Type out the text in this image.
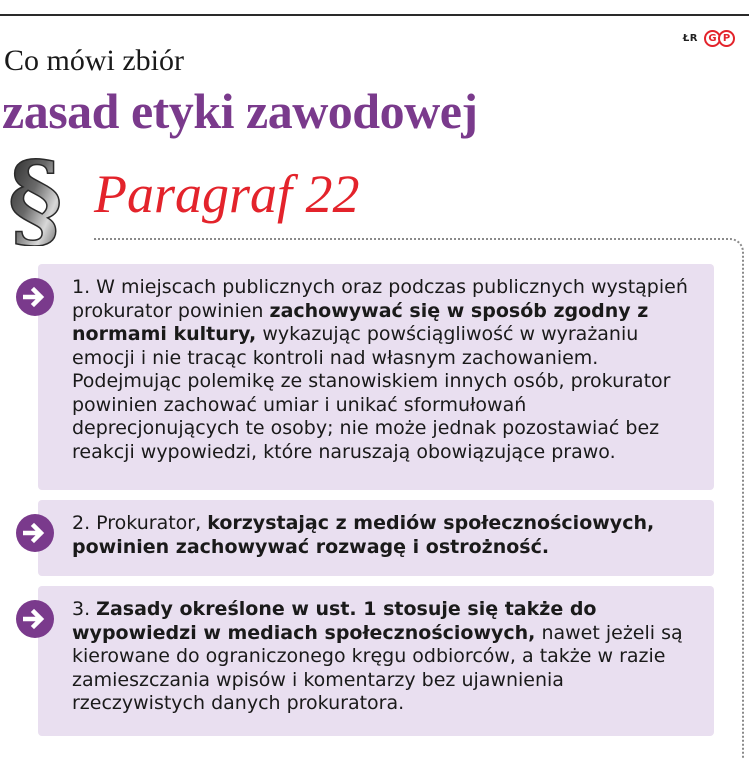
ŁR	G P
Co mówi zbiór
zasad etyki zawodowej
§ Paragraf 22

1. W miejscach publicznych oraz podczas publicznych wystąpień prokurator powinien zachowywać się w sposób zgodny z normami kultury, wykazując powściągliwość w wyrażaniu emocji i nie tracąc kontroli nad własnym zachowaniem. Podejmując polemikę ze stanowiskiem innych osób, prokurator powinien zachować umiar i unikać sformułowań deprecjonujących te osoby; nie może jednak pozostawiać bez reakcji wypowiedzi, które naruszają obowiązujące prawo.

2. Prokurator, korzystając z mediów społecznościowych, powinien zachowywać rozwagę i ostrożność.

3. Zasady określone w ust. 1 stosuje się także do wypowiedzi w mediach społecznościowych, nawet jeżeli są kierowane do ograniczonego kręgu odbiorców, a także w razie zamieszczania wpisów i komentarzy bez ujawnienia rzeczywistych danych prokuratora.
